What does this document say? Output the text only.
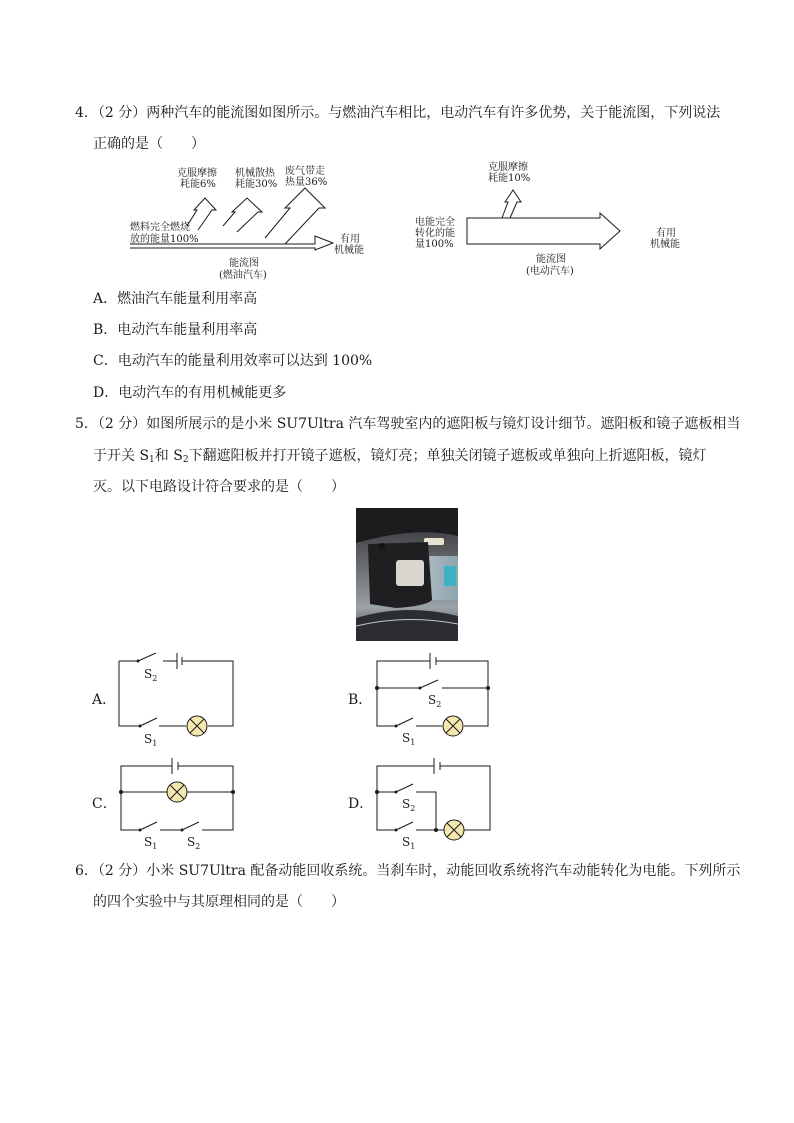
4．（2 分）两种汽车的能流图如图所示。与燃油汽车相比，电动汽车有许多优势，关于能流图，下列说法
正确的是（　　）
克服摩擦
耗能6%
机械散热
耗能30%
废气带走
热量36%
燃料完全燃烧
放的能量100%	有用
机械能
能流图
(燃油汽车)
克服摩擦
耗能10%
电能完全
转化的能
量100%
有用
机械能
能流图
(电动汽车)
A．燃油汽车能量利用率高
B．电动汽车能量利用率高
C．电动汽车的能量利用效率可以达到 100%
D．电动汽车的有用机械能更多
5．（2 分）如图所展示的是小米 SU7Ultra 汽车驾驶室内的遮阳板与镜灯设计细节。遮阳板和镜子遮板相当
于开关 $S_1$和 $S_2$下翻遮阳板并打开镜子遮板，镜灯亮；单独关闭镜子遮板或单独向上折遮阳板，镜灯
灭。以下电路设计符合要求的是（　　）
A．
$S_2$
$S_1$
B．	$S_2$
$S_1$
C．
$S_1$ $S_2$
D． $S_2$
$S_1$
6．（2 分）小米 SU7Ultra 配备动能回收系统。当刹车时，动能回收系统将汽车动能转化为电能。下列所示
的四个实验中与其原理相同的是（　　）
